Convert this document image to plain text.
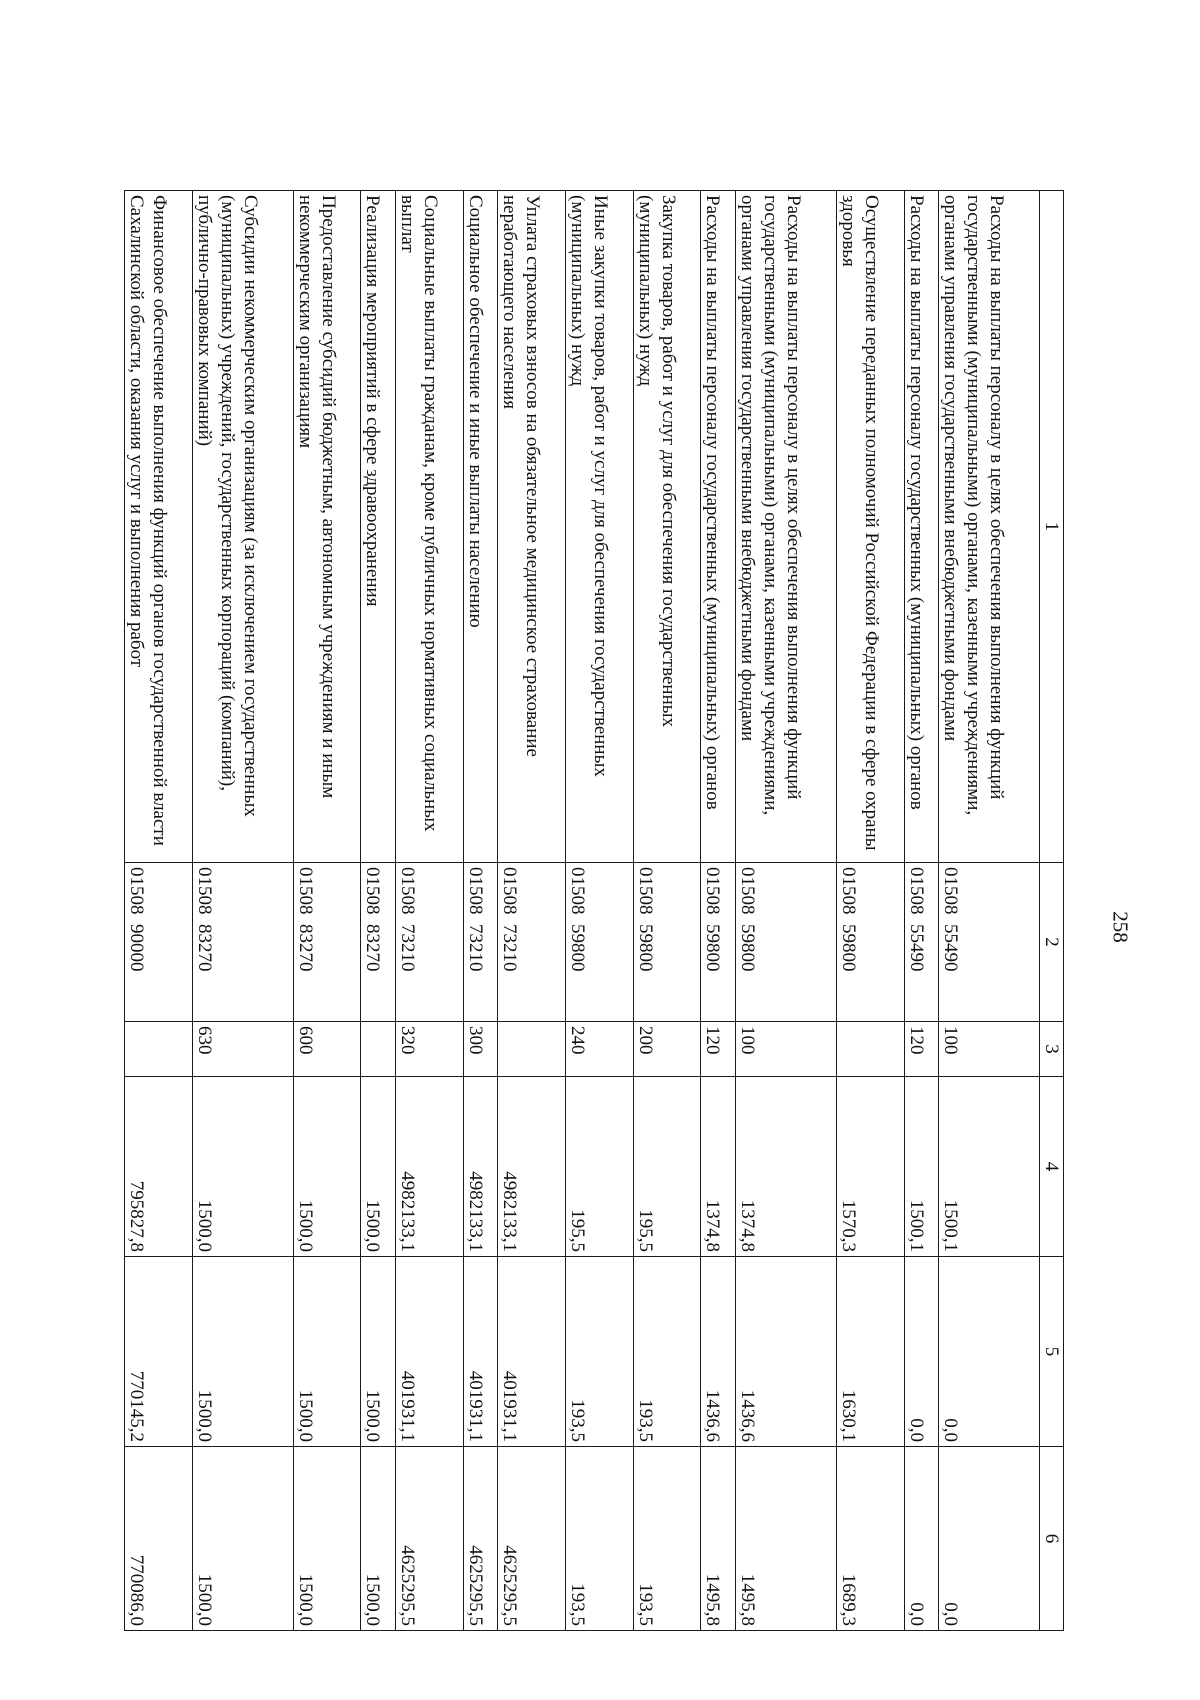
258
1	2	3	4	5	6
Расходы на выплаты персоналу в целях обеспечения выполнения функций государственными (муниципальными) органами, казенными учреждениями, органами управления государственными внебюджетными фондами	01508  55490	100	1500,1	0,0	0,0
Расходы на выплаты персоналу государственных (муниципальных) органов	01508  55490	120	1500,1	0,0	0,0
Осуществление переданных полномочий Российской Федерации в сфере охраны здоровья	01508  59800		1570,3	1630,1	1689,3
Расходы на выплаты персоналу в целях обеспечения выполнения функций государственными (муниципальными) органами, казенными учреждениями, органами управления государственными внебюджетными фондами	01508  59800	100	1374,8	1436,6	1495,8
Расходы на выплаты персоналу государственных (муниципальных) органов	01508  59800	120	1374,8	1436,6	1495,8
Закупка товаров, работ и услуг для обеспечения государственных (муниципальных) нужд	01508  59800	200	195,5	193,5	193,5
Иные закупки товаров, работ и услуг для обеспечения государственных (муниципальных) нужд	01508  59800	240	195,5	193,5	193,5
Уплата страховых взносов на обязательное медицинское страхование неработающего населения	01508  73210		4982133,1	401931,1	4625295,5
Социальное обеспечение и иные выплаты населению	01508  73210	300	4982133,1	401931,1	4625295,5
Социальные выплаты гражданам, кроме публичных нормативных социальных выплат	01508  73210	320	4982133,1	401931,1	4625295,5
Реализация мероприятий в сфере здравоохранения	01508  83270		1500,0	1500,0	1500,0
Предоставление субсидий бюджетным, автономным учреждениям и иным некоммерческим организациям	01508  83270	600	1500,0	1500,0	1500,0
Субсидии некоммерческим организациям (за исключением государственных (муниципальных) учреждений, государственных корпораций (компаний), публично-правовых компаний)	01508  83270	630	1500,0	1500,0	1500,0
Финансовое обеспечение выполнения функций органов государственной власти Сахалинской области, оказания услуг и выполнения работ	01508  90000		795827,8	770145,2	770086,0
